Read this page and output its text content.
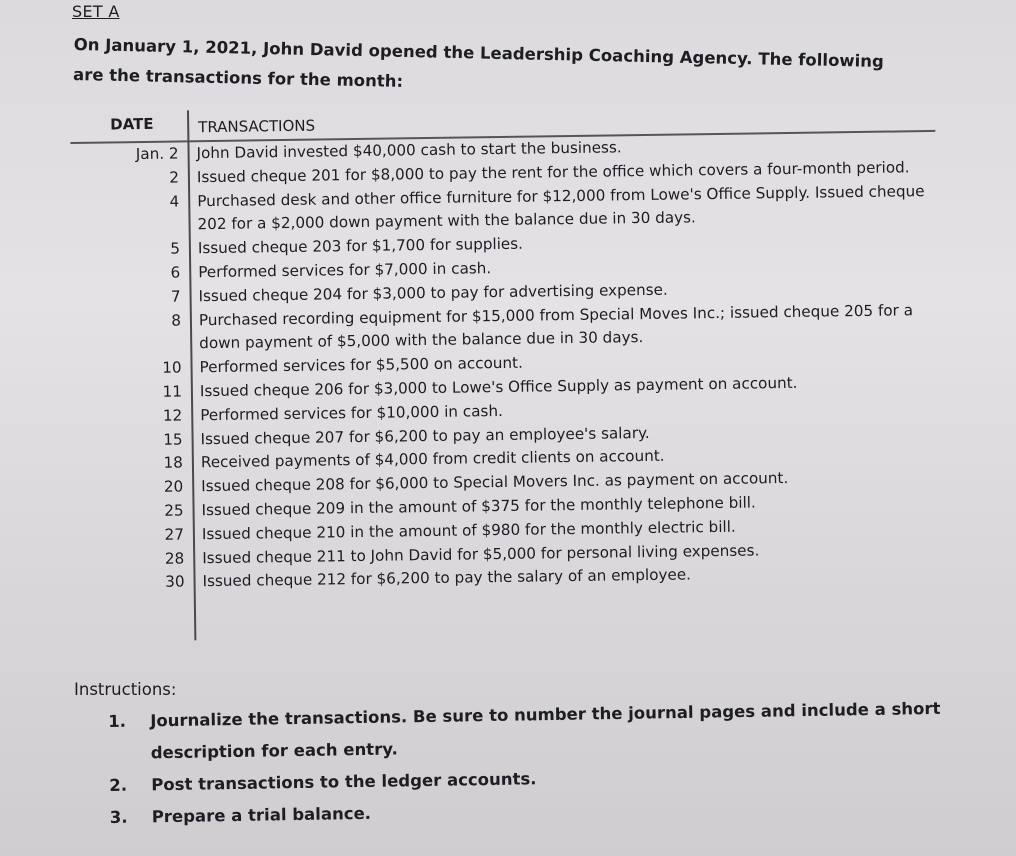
SET A
On January 1, 2021, John David opened the Leadership Coaching Agency. The following are the transactions for the month:
DATE	TRANSACTIONS
Jan. 2	John David invested $40,000 cash to start the business.
2	Issued cheque 201 for $8,000 to pay the rent for the office which covers a four-month period.
4	Purchased desk and other office furniture for $12,000 from Lowe's Office Supply. Issued cheque 202 for a $2,000 down payment with the balance due in 30 days.
5	Issued cheque 203 for $1,700 for supplies.
6	Performed services for $7,000 in cash.
7	Issued cheque 204 for $3,000 to pay for advertising expense.
8	Purchased recording equipment for $15,000 from Special Moves Inc.; issued cheque 205 for a down payment of $5,000 with the balance due in 30 days.
10	Performed services for $5,500 on account.
11	Issued cheque 206 for $3,000 to Lowe's Office Supply as payment on account.
12	Performed services for $10,000 in cash.
15	Issued cheque 207 for $6,200 to pay an employee's salary.
18	Received payments of $4,000 from credit clients on account.
20	Issued cheque 208 for $6,000 to Special Movers Inc. as payment on account.
25	Issued cheque 209 in the amount of $375 for the monthly telephone bill.
27	Issued cheque 210 in the amount of $980 for the monthly electric bill.
28	Issued cheque 211 to John David for $5,000 for personal living expenses.
30	Issued cheque 212 for $6,200 to pay the salary of an employee.
Instructions:
1.	Journalize the transactions. Be sure to number the journal pages and include a short description for each entry.
2.	Post transactions to the ledger accounts.
3.	Prepare a trial balance.
